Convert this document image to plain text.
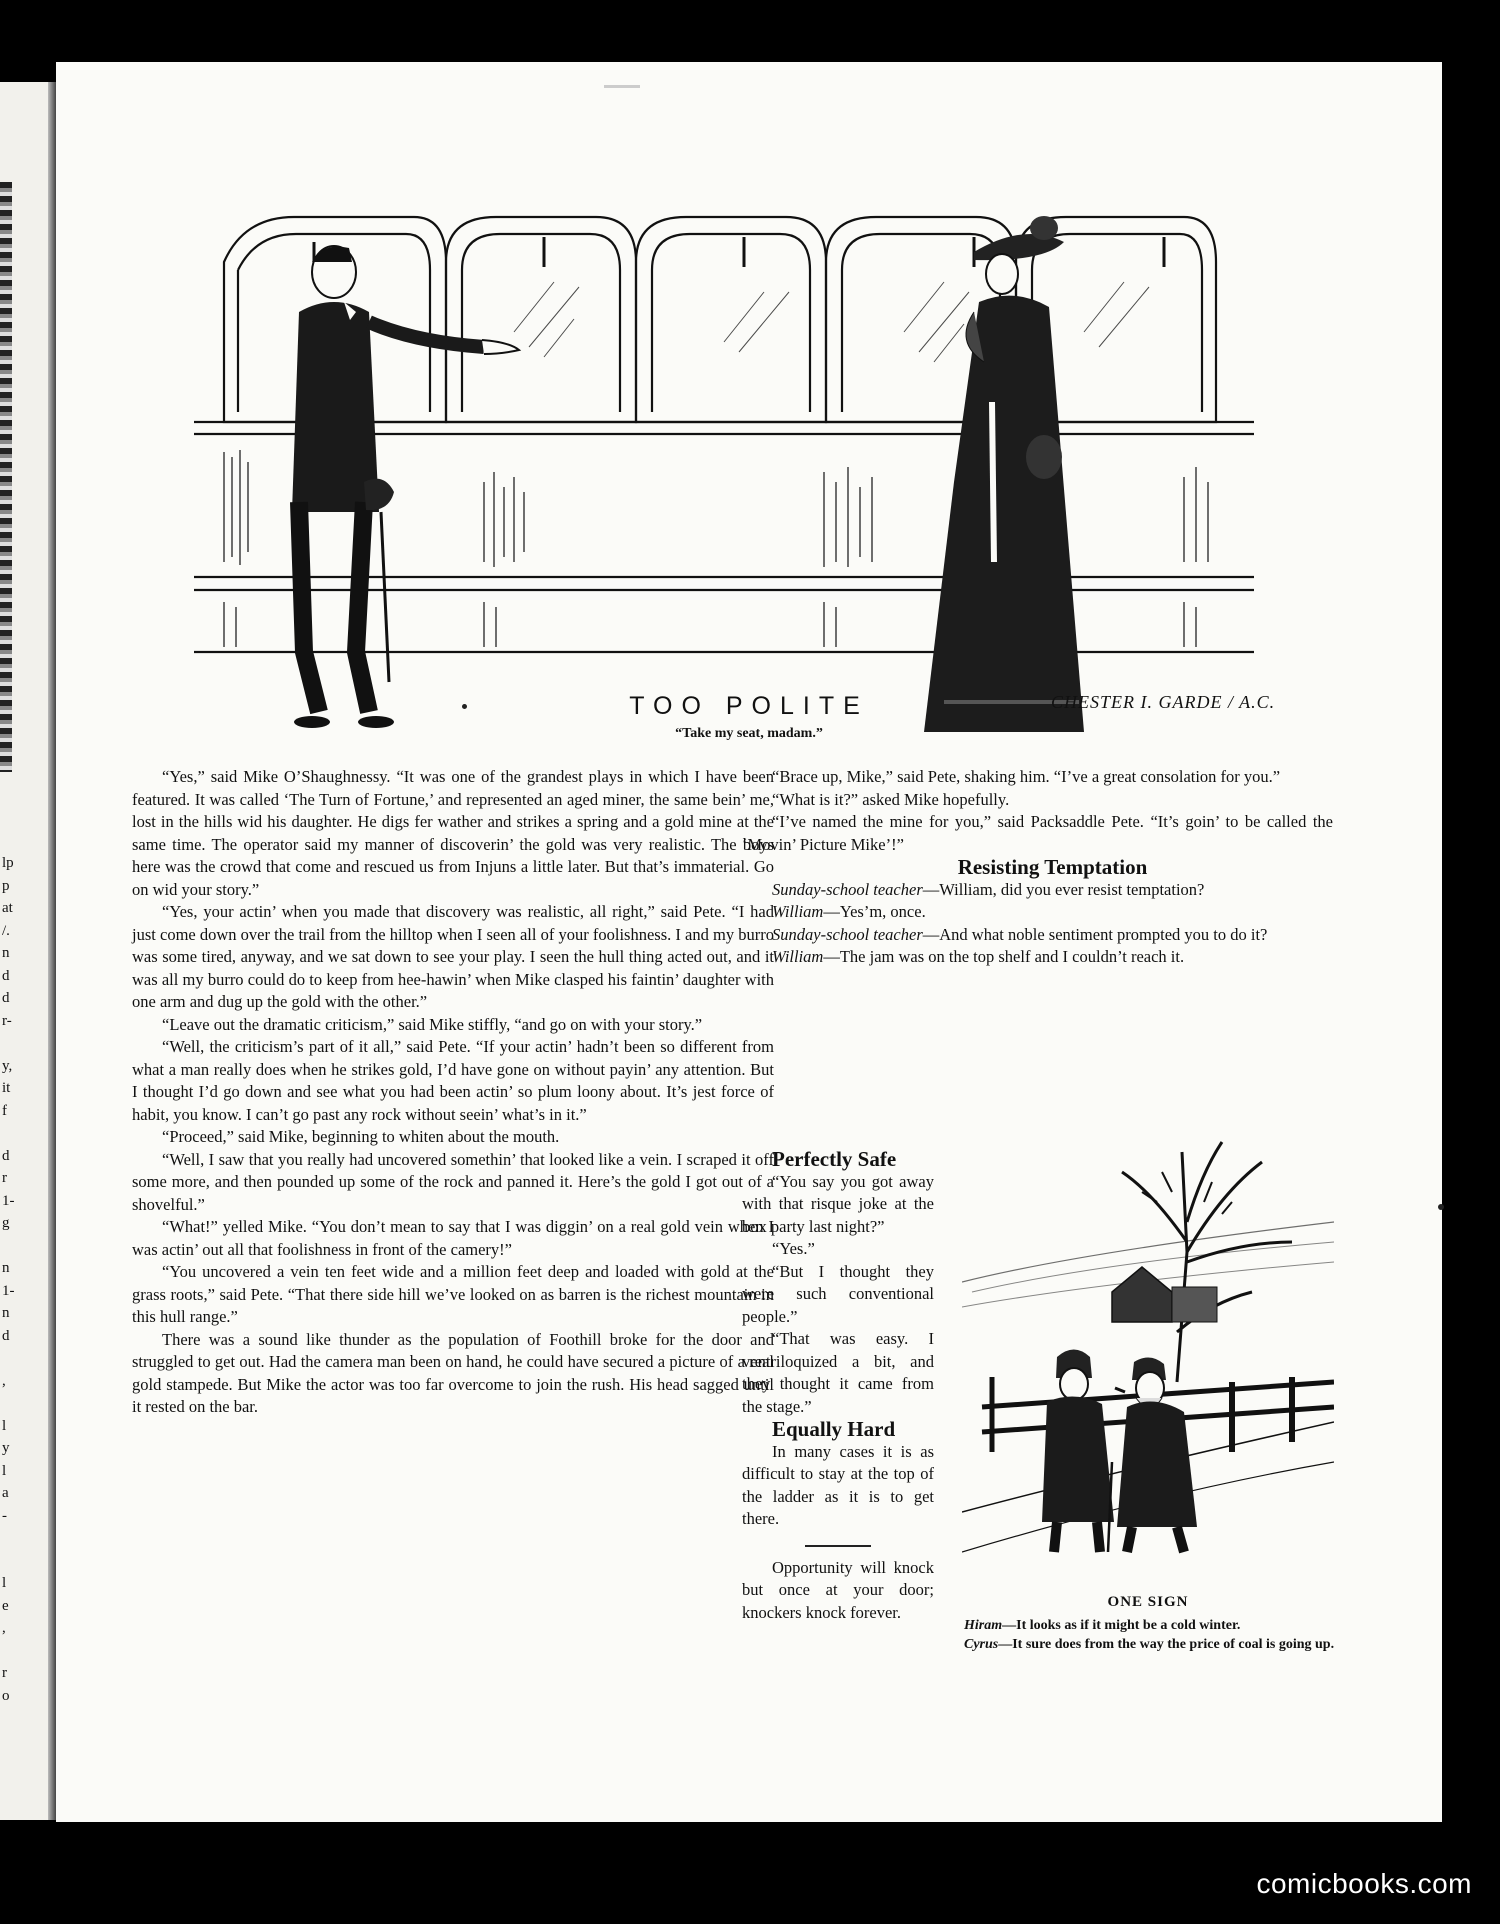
lp
p
at
/.
n
d
d
r-

y,
it
f

d
r
1-
g

n
1-
n
d

,

l
y
l
a
-

l
e
,

r
o
TOO POLITE
“Take my seat, madam.”
CHESTER I. GARDE / A.C.

“Yes,” said Mike O’Shaughnessy. “It was one of the grandest plays in which I have been featured. It was called ‘The Turn of Fortune,’ and represented an aged miner, the same bein’ me, lost in the hills wid his daughter. He digs fer wather and strikes a spring and a gold mine at the same time. The operator said my manner of discoverin’ the gold was very realistic. The boys here was the crowd that come and rescued us from Injuns a little later. But that’s immaterial. Go on wid your story.”

“Yes, your actin’ when you made that discovery was realistic, all right,” said Pete. “I had just come down over the trail from the hilltop when I seen all of your foolishness. I and my burro was some tired, anyway, and we sat down to see your play. I seen the hull thing acted out, and it was all my burro could do to keep from hee-hawin’ when Mike clasped his faintin’ daughter with one arm and dug up the gold with the other.”

“Leave out the dramatic criticism,” said Mike stiffly, “and go on with your story.”

“Well, the criticism’s part of it all,” said Pete. “If your actin’ hadn’t been so different from what a man really does when he strikes gold, I’d have gone on without payin’ any attention. But I thought I’d go down and see what you had been actin’ so plum loony about. It’s jest force of habit, you know. I can’t go past any rock without seein’ what’s in it.”

“Proceed,” said Mike, beginning to whiten about the mouth.

“Well, I saw that you really had uncovered somethin’ that looked like a vein. I scraped it off some more, and then pounded up some of the rock and panned it. Here’s the gold I got out of a shovelful.”

“What!” yelled Mike. “You don’t mean to say that I was diggin’ on a real gold vein when I was actin’ out all that foolishness in front of the camery!”

“You uncovered a vein ten feet wide and a million feet deep and loaded with gold at the grass roots,” said Pete. “That there side hill we’ve looked on as barren is the richest mountain in this hull range.”

There was a sound like thunder as the population of Foothill broke for the door and struggled to get out. Had the camera man been on hand, he could have secured a picture of a real gold stampede. But Mike the actor was too far overcome to join the rush. His head sagged until it rested on the bar.

“Brace up, Mike,” said Pete, shaking him. “I’ve a great consolation for you.”

“What is it?” asked Mike hopefully.

“I’ve named the mine for you,” said Packsaddle Pete. “It’s goin’ to be called the ‘Movin’ Picture Mike’!”

Resisting Temptation

Sunday-school teacher—William, did you ever resist temptation?

William—Yes’m, once.

Sunday-school teacher—And what noble sentiment prompted you to do it?

William—The jam was on the top shelf and I couldn’t reach it.

Perfectly Safe

“You say you got away with that risque joke at the box party last night?”

“Yes.”

“But I thought they were such conventional people.”

“That was easy. I ventriloquized a bit, and they thought it came from the stage.”

Equally Hard

In many cases it is as difficult to stay at the top of the ladder as it is to get there.

Opportunity will knock but once at your door; knockers knock forever.

ONE SIGN

Hiram—It looks as if it might be a cold winter.

Cyrus—It sure does from the way the price of coal is going up.

comicbooks.com
